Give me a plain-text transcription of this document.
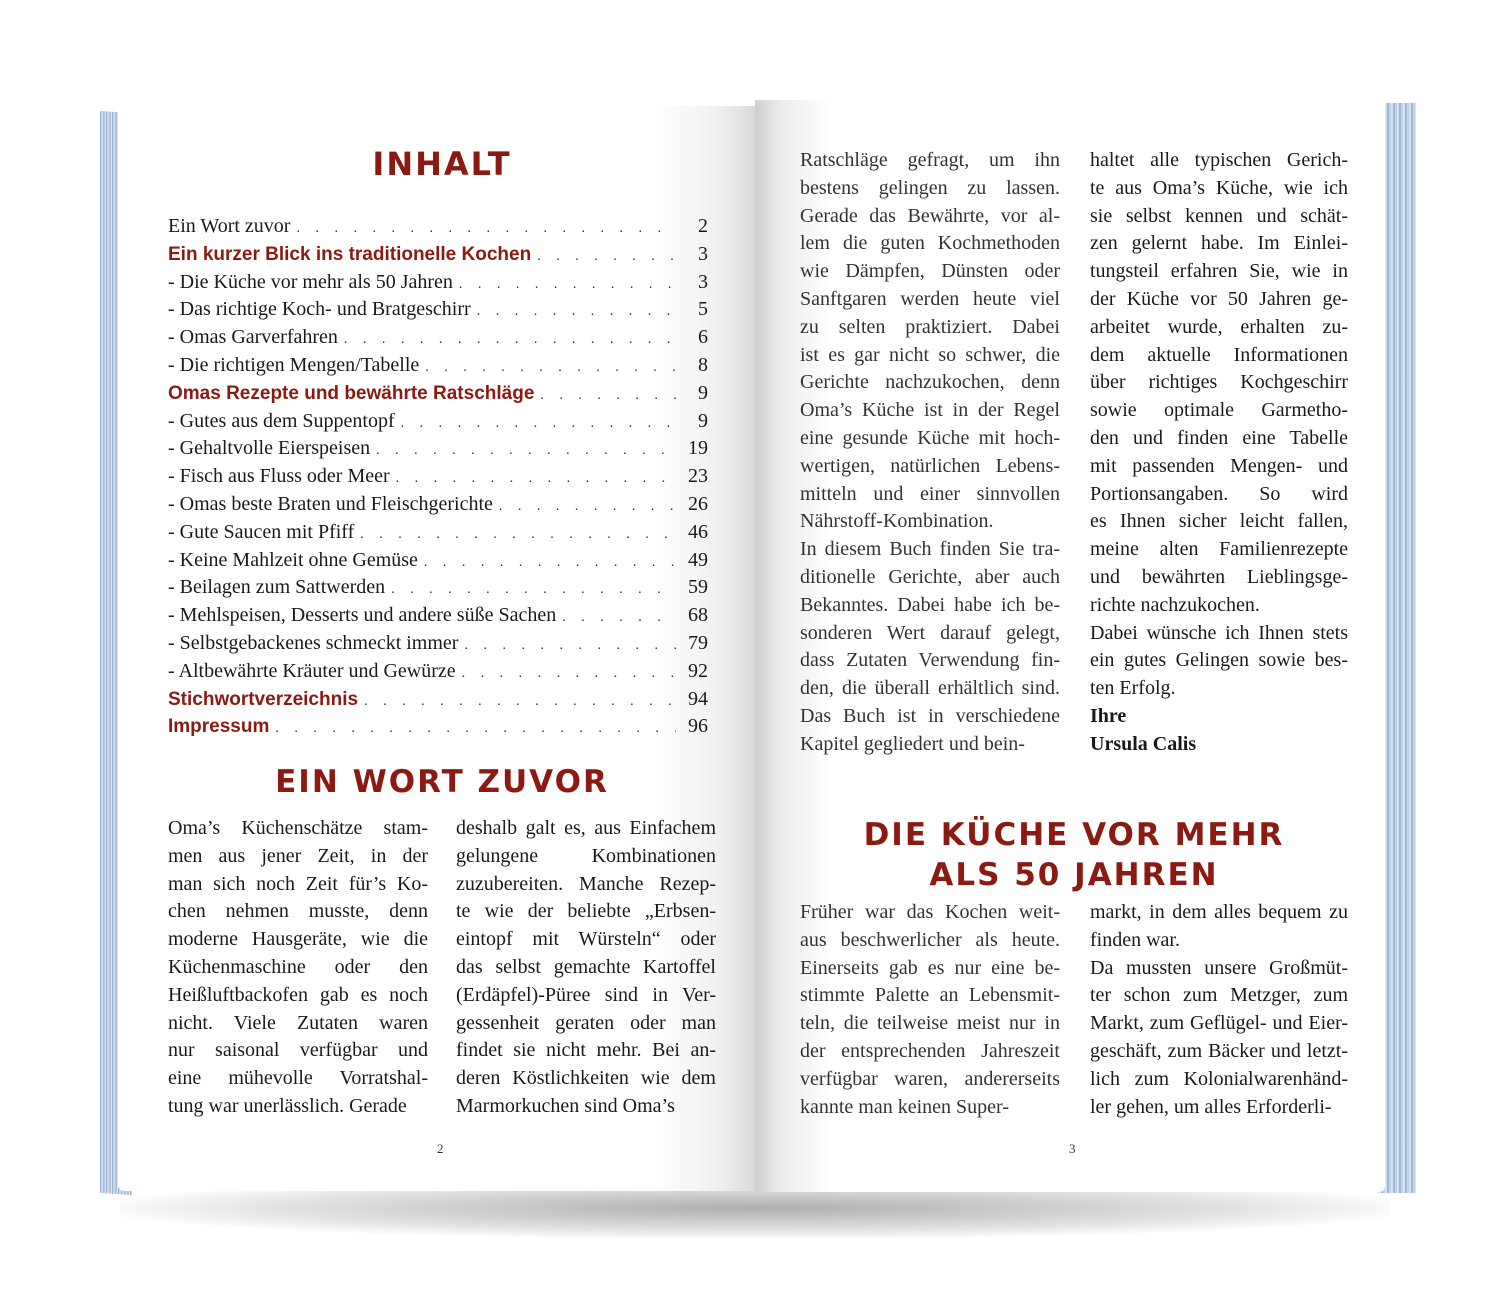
INHALT
Ein Wort zuvor . . .	2
Ein kurzer Blick ins traditionelle Kochen . . .	3
- Die Küche vor mehr als 50 Jahren . . .	3
- Das richtige Koch- und Bratgeschirr . . .	5
- Omas Garverfahren . . .	6
- Die richtigen Mengen/Tabelle . . .	8
Omas Rezepte und bewährte Ratschläge . . .	9
- Gutes aus dem Suppentopf . . .	9
- Gehaltvolle Eierspeisen . . .	19
- Fisch aus Fluss oder Meer . . .	23
- Omas beste Braten und Fleischgerichte . . .	26
- Gute Saucen mit Pfiff . . .	46
- Keine Mahlzeit ohne Gemüse . . .	49
- Beilagen zum Sattwerden . . .	59
- Mehlspeisen, Desserts und andere süße Sachen . . .	68
- Selbstgebackenes schmeckt immer . . .	79
- Altbewährte Kräuter und Gewürze . . .	92
Stichwortverzeichnis . . .	94
Impressum . . .	96
EIN WORT ZUVOR
Oma’s Küchenschätze stam-
men aus jener Zeit, in der
man sich noch Zeit für’s Ko-
chen nehmen musste, denn
moderne Hausgeräte, wie die
Küchenmaschine oder den
Heißluftbackofen gab es noch
nicht. Viele Zutaten waren
nur saisonal verfügbar und
eine mühevolle Vorratshal-
tung war unerlässlich. Gerade
deshalb galt es, aus Einfachem
gelungene Kombinationen
zuzubereiten. Manche Rezep-
te wie der beliebte „Erbsen-
eintopf mit Würsteln“ oder
das selbst gemachte Kartoffel
(Erdäpfel)-Püree sind in Ver-
gessenheit geraten oder man
findet sie nicht mehr. Bei an-
deren Köstlichkeiten wie dem
Marmorkuchen sind Oma’s
2
Ratschläge gefragt, um ihn
bestens gelingen zu lassen.
Gerade das Bewährte, vor al-
lem die guten Kochmethoden
wie Dämpfen, Dünsten oder
Sanftgaren werden heute viel
zu selten praktiziert. Dabei
ist es gar nicht so schwer, die
Gerichte nachzukochen, denn
Oma’s Küche ist in der Regel
eine gesunde Küche mit hoch-
wertigen, natürlichen Lebens-
mitteln und einer sinnvollen
Nährstoff-Kombination.
In diesem Buch finden Sie tra-
ditionelle Gerichte, aber auch
Bekanntes. Dabei habe ich be-
sonderen Wert darauf gelegt,
dass Zutaten Verwendung fin-
den, die überall erhältlich sind.
Das Buch ist in verschiedene
Kapitel gegliedert und bein-
haltet alle typischen Gerich-
te aus Oma’s Küche, wie ich
sie selbst kennen und schät-
zen gelernt habe. Im Einlei-
tungsteil erfahren Sie, wie in
der Küche vor 50 Jahren ge-
arbeitet wurde, erhalten zu-
dem aktuelle Informationen
über richtiges Kochgeschirr
sowie optimale Garmetho-
den und finden eine Tabelle
mit passenden Mengen- und
Portionsangaben. So wird
es Ihnen sicher leicht fallen,
meine alten Familienrezepte
und bewährten Lieblingsge-
richte nachzukochen.
Dabei wünsche ich Ihnen stets
ein gutes Gelingen sowie bes-
ten Erfolg.
Ihre
Ursula Calis
DIE KÜCHE VOR MEHR
ALS 50 JAHREN
Früher war das Kochen weit-
aus beschwerlicher als heute.
Einerseits gab es nur eine be-
stimmte Palette an Lebensmit-
teln, die teilweise meist nur in
der entsprechenden Jahreszeit
verfügbar waren, andererseits
kannte man keinen Super-
markt, in dem alles bequem zu
finden war.
Da mussten unsere Großmüt-
ter schon zum Metzger, zum
Markt, zum Geflügel- und Eier-
geschäft, zum Bäcker und letzt-
lich zum Kolonialwarenhänd-
ler gehen, um alles Erforderli-
3
